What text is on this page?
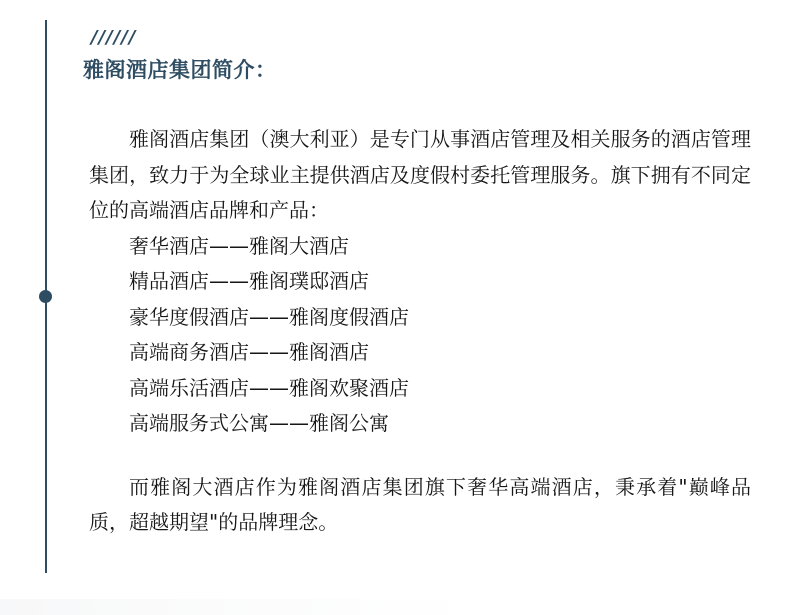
//////
雅阁酒店集团简介：

雅阁酒店集团（澳大利亚）是专门从事酒店管理及相关服务的酒店管理集团，致力于为全球业主提供酒店及度假村委托管理服务。旗下拥有不同定位的高端酒店品牌和产品：

奢华酒店——雅阁大酒店
精品酒店——雅阁璞邸酒店
豪华度假酒店——雅阁度假酒店
高端商务酒店——雅阁酒店
高端乐活酒店——雅阁欢聚酒店
高端服务式公寓——雅阁公寓

而雅阁大酒店作为雅阁酒店集团旗下奢华高端酒店，秉承着"巅峰品质，超越期望"的品牌理念。
